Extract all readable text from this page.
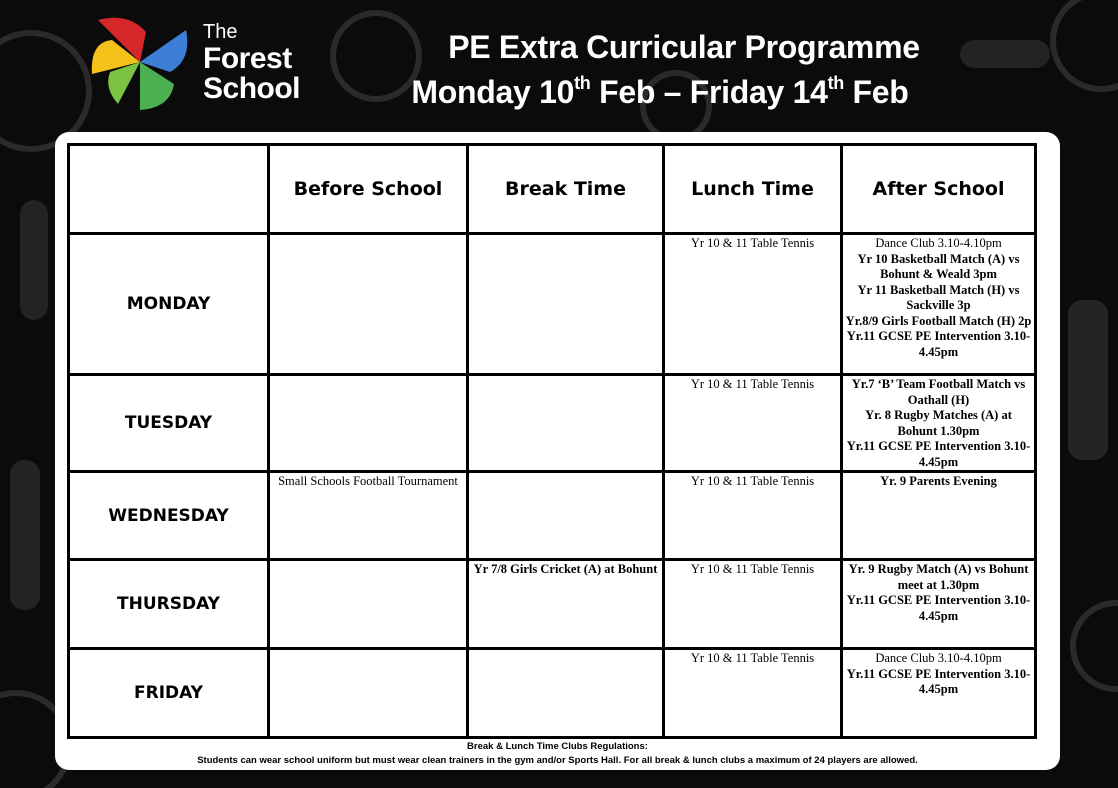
The
Forest
School
PE Extra Curricular Programme
Monday 10th Feb – Friday 14th Feb
	Before School	Break Time	Lunch Time	After School
MONDAY			Yr 10 & 11 Table Tennis	Dance Club 3.10-4.10pm
Yr 10 Basketball Match (A) vs Bohunt & Weald 3pm
Yr 11 Basketball Match (H) vs Sackville 3p
Yr.8/9 Girls Football Match (H) 2p
Yr.11 GCSE PE Intervention 3.10-4.45pm

TUESDAY			Yr 10 & 11 Table Tennis	Yr.7 ‘B’ Team Football Match vs Oathall (H)
Yr. 8 Rugby Matches (A) at Bohunt 1.30pm
Yr.11 GCSE PE Intervention 3.10-4.45pm

WEDNESDAY	Small Schools Football Tournament		Yr 10 & 11 Table Tennis	Yr. 9 Parents Evening

THURSDAY		Yr 7/8 Girls Cricket (A) at Bohunt	Yr 10 & 11 Table Tennis	Yr. 9 Rugby Match (A) vs Bohunt meet at 1.30pm
Yr.11 GCSE PE Intervention 3.10-4.45pm

FRIDAY			Yr 10 & 11 Table Tennis	Dance Club 3.10-4.10pm
Yr.11 GCSE PE Intervention 3.10-4.45pm
Break & Lunch Time Clubs Regulations:
Students can wear school uniform but must wear clean trainers in the gym and/or Sports Hall. For all break & lunch clubs a maximum of 24 players are allowed.
